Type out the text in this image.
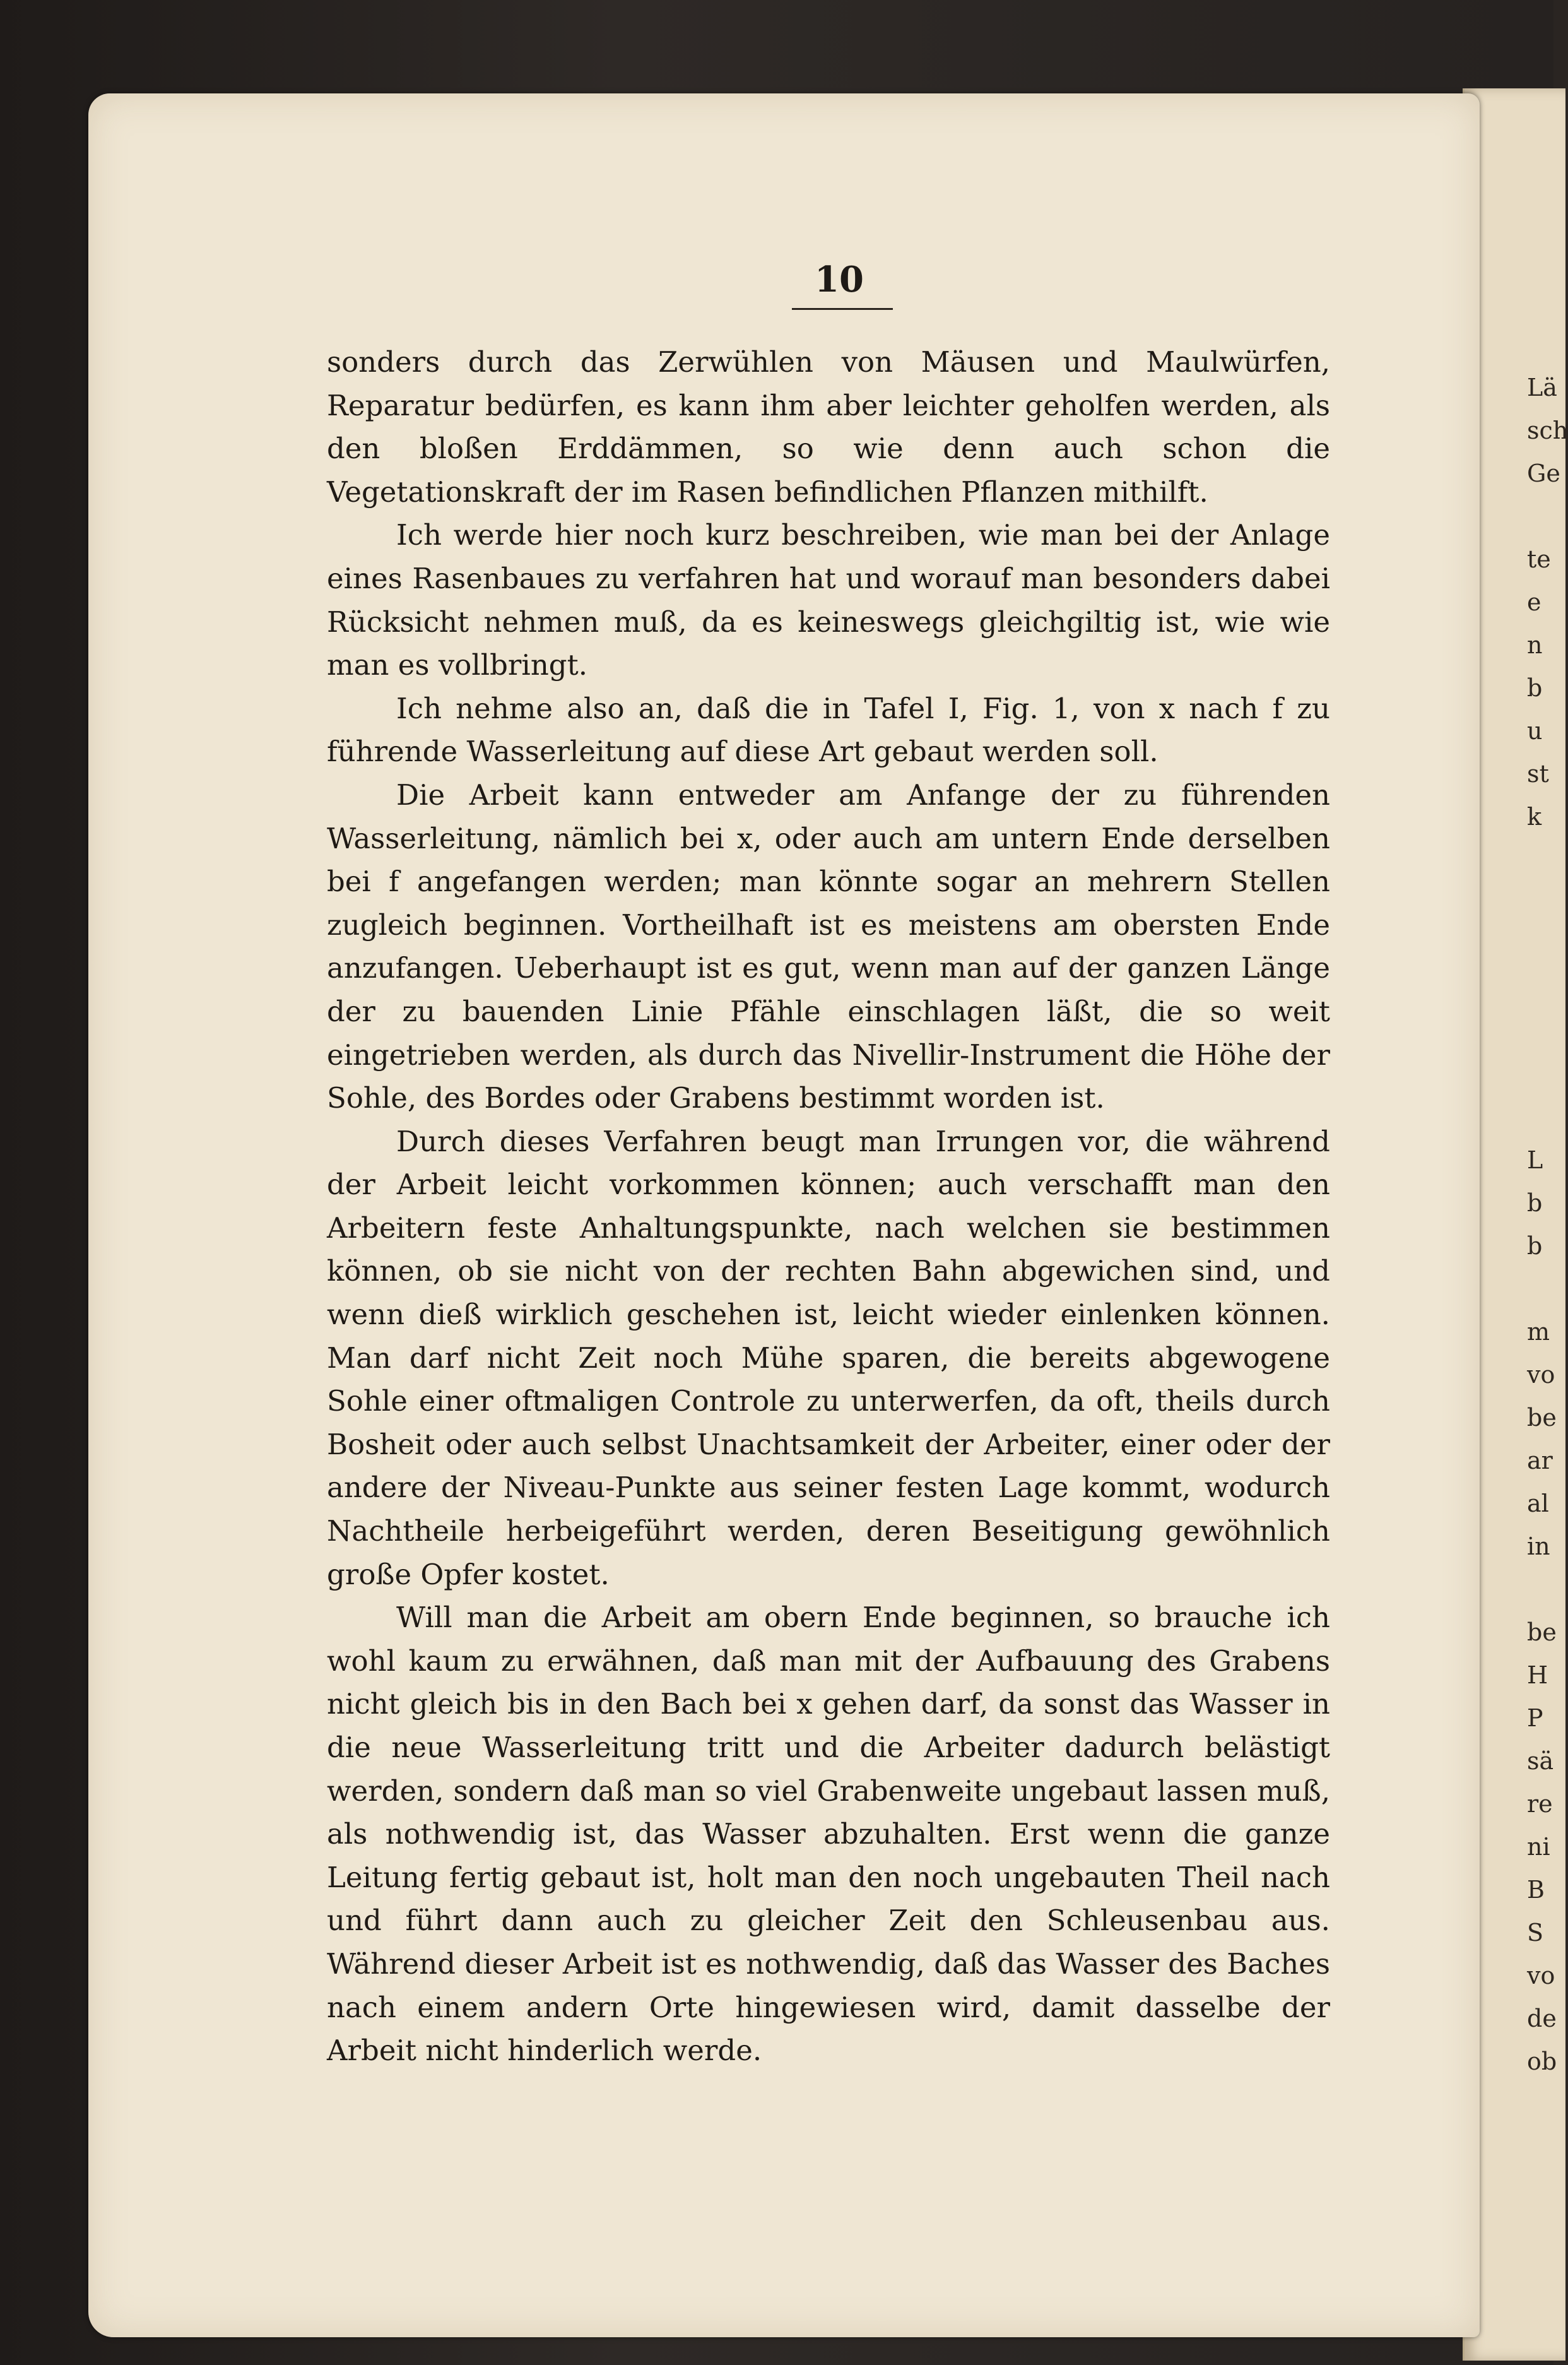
Lä
sch
Ge
te
e
n
b
u
st
k
L
b
b
m
vo
be
ar
al
in
be
H
P
sä
re
ni
B
S
vo
de
ob
10

sonders durch das Zerwühlen von Mäusen und Maulwürfen, Reparatur bedürfen, es kann ihm aber leichter geholfen werden, als den bloßen Erddämmen, so wie denn auch schon die Vegetationskraft der im Rasen befindlichen Pflanzen mithilft.

Ich werde hier noch kurz beschreiben, wie man bei der Anlage eines Rasenbaues zu verfahren hat und worauf man besonders dabei Rücksicht nehmen muß, da es keineswegs gleichgiltig ist, wie wie man es vollbringt.

Ich nehme also an, daß die in Tafel I, Fig. 1, von x nach f zu führende Wasserleitung auf diese Art gebaut werden soll.

Die Arbeit kann entweder am Anfange der zu führenden Wasserleitung, nämlich bei x, oder auch am untern Ende derselben bei f angefangen werden; man könnte sogar an mehrern Stellen zugleich beginnen. Vortheilhaft ist es meistens am obersten Ende anzufangen. Ueberhaupt ist es gut, wenn man auf der ganzen Länge der zu bauenden Linie Pfähle einschlagen läßt, die so weit eingetrieben werden, als durch das Nivellir-Instrument die Höhe der Sohle, des Bordes oder Grabens bestimmt worden ist.

Durch dieses Verfahren beugt man Irrungen vor, die während der Arbeit leicht vorkommen können; auch verschafft man den Arbeitern feste Anhaltungspunkte, nach welchen sie bestimmen können, ob sie nicht von der rechten Bahn abgewichen sind, und wenn dieß wirklich geschehen ist, leicht wieder einlenken können. Man darf nicht Zeit noch Mühe sparen, die bereits abgewogene Sohle einer oftmaligen Controle zu unterwerfen, da oft, theils durch Bosheit oder auch selbst Unachtsamkeit der Arbeiter, einer oder der andere der Niveau-Punkte aus seiner festen Lage kommt, wodurch Nachtheile herbeigeführt werden, deren Beseitigung gewöhnlich große Opfer kostet.

Will man die Arbeit am obern Ende beginnen, so brauche ich wohl kaum zu erwähnen, daß man mit der Aufbauung des Grabens nicht gleich bis in den Bach bei x gehen darf, da sonst das Wasser in die neue Wasserleitung tritt und die Arbeiter dadurch belästigt werden, sondern daß man so viel Grabenweite ungebaut lassen muß, als nothwendig ist, das Wasser abzuhalten. Erst wenn die ganze Leitung fertig gebaut ist, holt man den noch ungebauten Theil nach und führt dann auch zu gleicher Zeit den Schleusenbau aus. Während dieser Arbeit ist es nothwendig, daß das Wasser des Baches nach einem andern Orte hingewiesen wird, damit dasselbe der Arbeit nicht hinderlich werde.
